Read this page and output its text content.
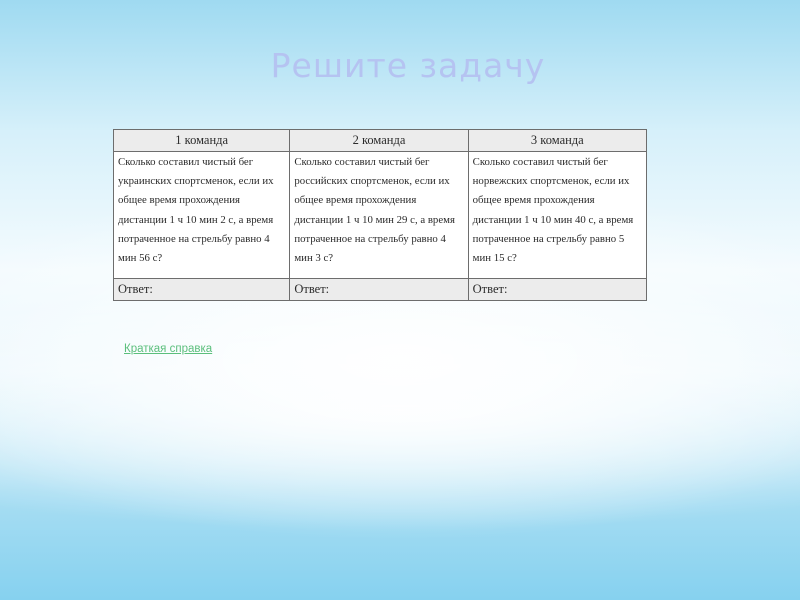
Решите задачу
1 команда	2 команда	3 команда
Сколько составил чистый бег украинских спортсменок, если их общее время прохождения дистанции 1 ч 10 мин 2 с, а время потраченное на стрельбу равно 4 мин 56 с?	Сколько составил чистый бег российских спортсменок, если их общее время прохождения дистанции 1 ч 10 мин 29 с, а время потраченное на стрельбу равно 4 мин 3 с?	Сколько составил чистый бег норвежских спортсменок, если их общее время прохождения дистанции 1 ч 10 мин 40 с, а время потраченное на стрельбу равно 5 мин 15 с?
Ответ:	Ответ:	Ответ:
Краткая справка
